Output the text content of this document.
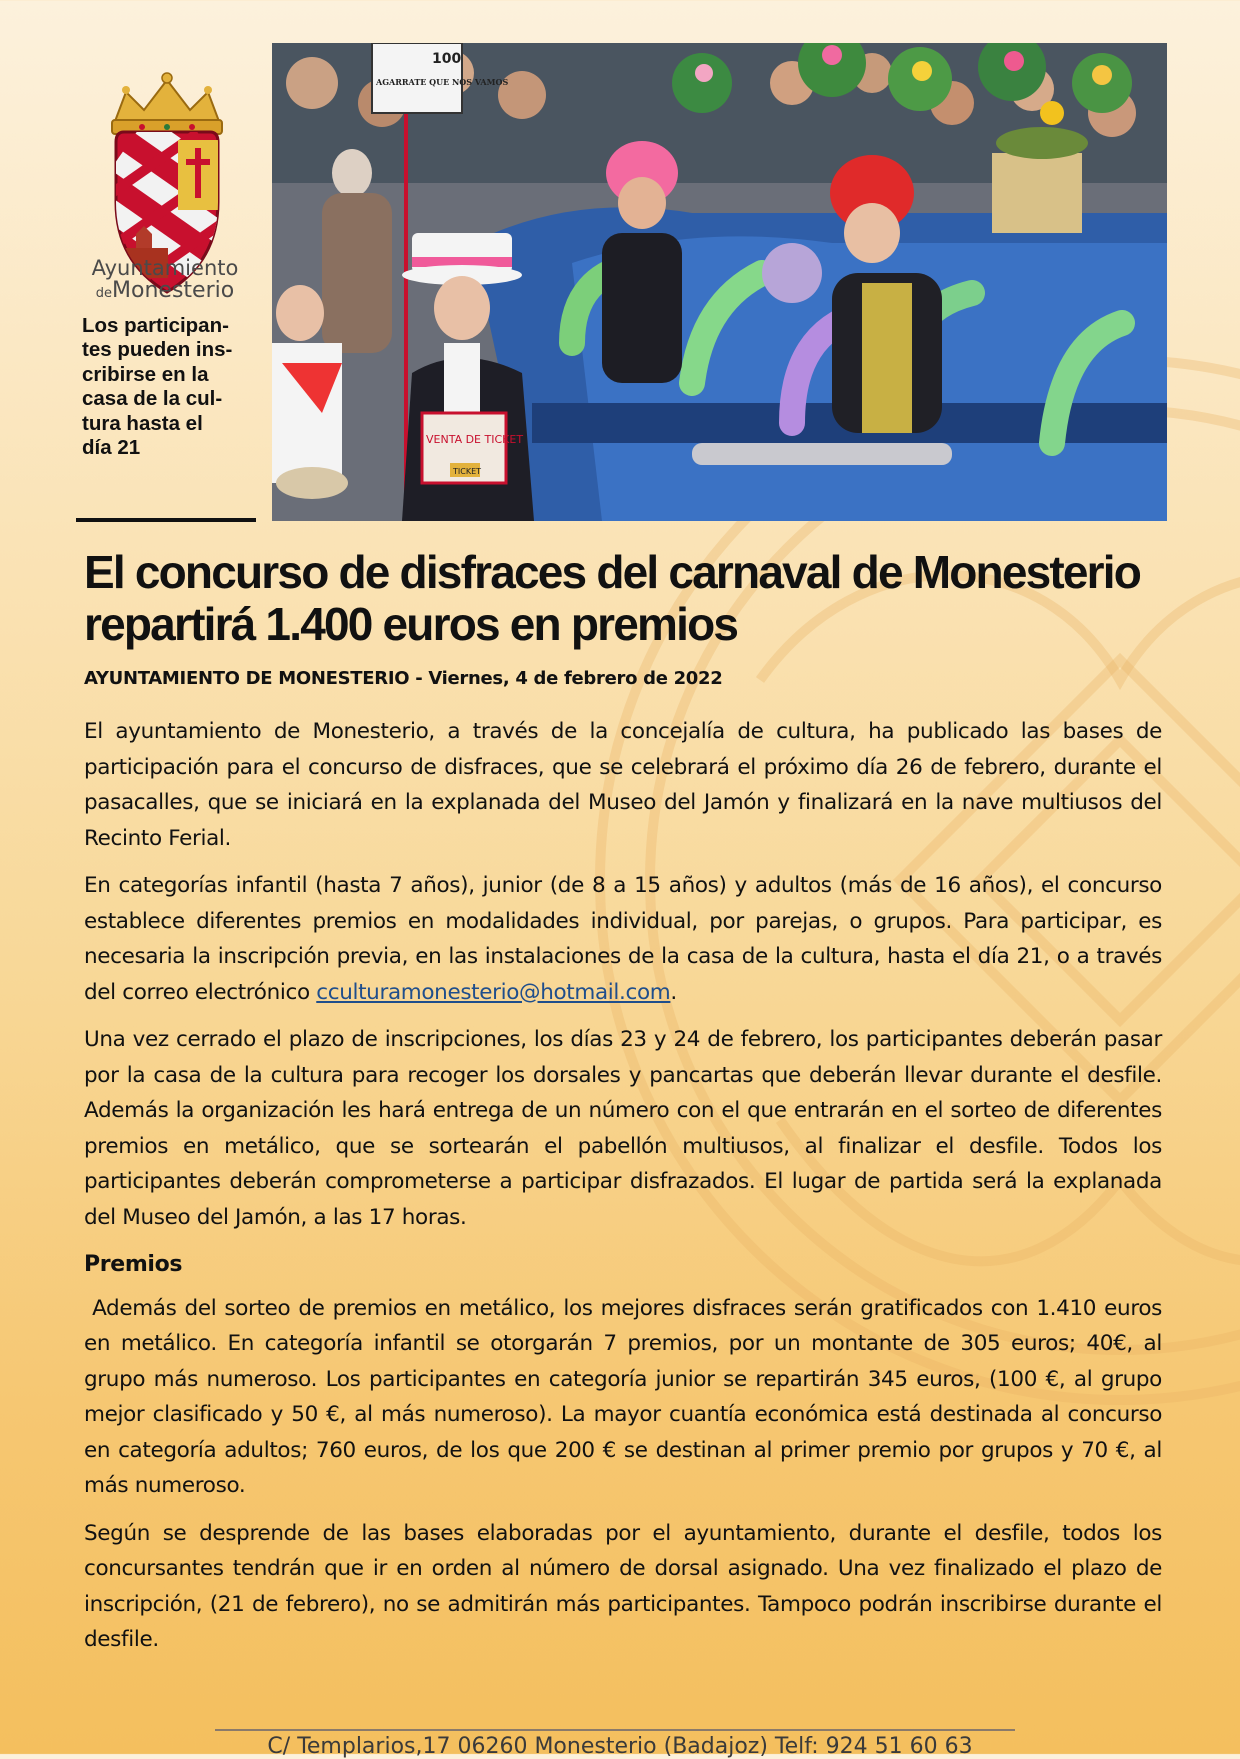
Ayuntamiento
deMonesterio
Los participan-
tes pueden ins-
cribirse en la
casa de la cul-
tura hasta el
día 21
100
AGARRATE QUE NOS VAMOS
VENTA DE TICKET
TICKET
El concurso de disfraces del carnaval de Monesterio repartirá 1.400 euros en premios
AYUNTAMIENTO DE MONESTERIO - Viernes, 4 de febrero de 2022

El ayuntamiento de Monesterio, a través de la concejalía de cultura, ha publicado las bases de participación para el concurso de disfraces, que se celebrará el próximo día 26 de febrero, durante el pasacalles, que se iniciará en la explanada del Museo del Jamón y finalizará en la nave multiusos del Recinto Ferial.

En categorías infantil (hasta 7 años), junior (de 8 a 15 años) y adultos (más de 16 años), el concurso establece diferentes premios en modalidades individual, por parejas, o grupos. Para participar, es necesaria la inscripción previa, en las instalaciones de la casa de la cultura, hasta el día 21, o a través del correo electrónico cculturamonesterio@hotmail.com.

Una vez cerrado el plazo de inscripciones, los días 23 y 24 de febrero, los participantes deberán pasar por la casa de la cultura para recoger los dorsales y pancartas que deberán llevar durante el desfile. Además la organización les hará entrega de un número con el que entrarán en el sorteo de diferentes premios en metálico, que se sortearán el pabellón multiusos, al finalizar el desfile. Todos los participantes deberán comprometerse a participar disfrazados. El lugar de partida será la explanada del Museo del Jamón, a las 17 horas.

Premios

Además del sorteo de premios en metálico, los mejores disfraces serán gratificados con 1.410 euros en metálico. En categoría infantil se otorgarán 7 premios, por un montante de 305 euros; 40€, al grupo más numeroso. Los participantes en categoría junior se repartirán 345 euros, (100 €, al grupo mejor clasificado y 50 €, al más numeroso). La mayor cuantía económica está destinada al concurso en categoría adultos; 760 euros, de los que 200 € se destinan al primer premio por grupos y 70 €, al más numeroso.

Según se desprende de las bases elaboradas por el ayuntamiento, durante el desfile, todos los concursantes tendrán que ir en orden al número de dorsal asignado. Una vez finalizado el plazo de inscripción, (21 de febrero), no se admitirán más participantes. Tampoco podrán inscribirse durante el desfile.

C/ Templarios,17 06260 Monesterio (Badajoz) Telf: 924 51 60 63
